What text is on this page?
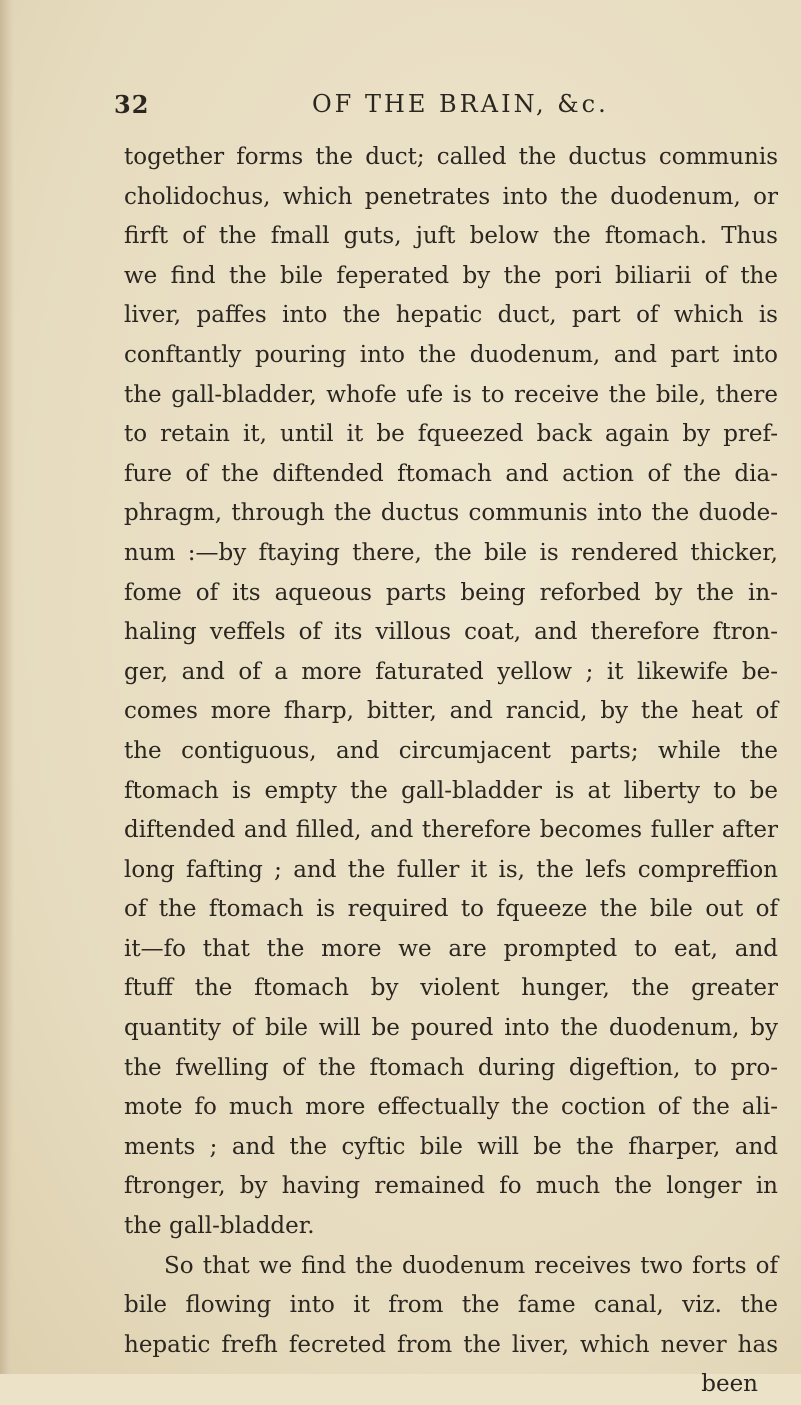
32	OF THE BRAIN, &c.
together forms the duct; called the ductus communis
cholidochus, which penetrates into the duodenum, or
firft of the fmall guts, juft below the ftomach. Thus
we find the bile feperated by the pori biliarii of the
liver, paffes into the hepatic duct, part of which is
conftantly pouring into the duodenum, and part into
the gall-bladder, whofe ufe is to receive the bile, there
to retain it, until it be fqueezed back again by pref-
fure of the diftended ftomach and action of the dia-
phragm, through the ductus communis into the duode-
num :—by ftaying there, the bile is rendered thicker,
fome of its aqueous parts being reforbed by the in-
haling veffels of its villous coat, and therefore ftron-
ger, and of a more faturated yellow ; it likewife be-
comes more fharp, bitter, and rancid, by the heat of
the contiguous, and circumjacent parts; while the
ftomach is empty the gall-bladder is at liberty to be
diftended and filled, and therefore becomes fuller after
long fafting ; and the fuller it is, the lefs compreffion
of the ftomach is required to fqueeze the bile out of
it—fo that the more we are prompted to eat, and
ftuff the ftomach by violent hunger, the greater
quantity of bile will be poured into the duodenum, by
the fwelling of the ftomach during digeftion, to pro-
mote fo much more effectually the coction of the ali-
ments ; and the cyftic bile will be the fharper, and
ftronger, by having remained fo much the longer in
the gall-bladder.
So that we find the duodenum receives two forts of
bile flowing into it from the fame canal, viz. the
hepatic frefh fecreted from the liver, which never has
been
